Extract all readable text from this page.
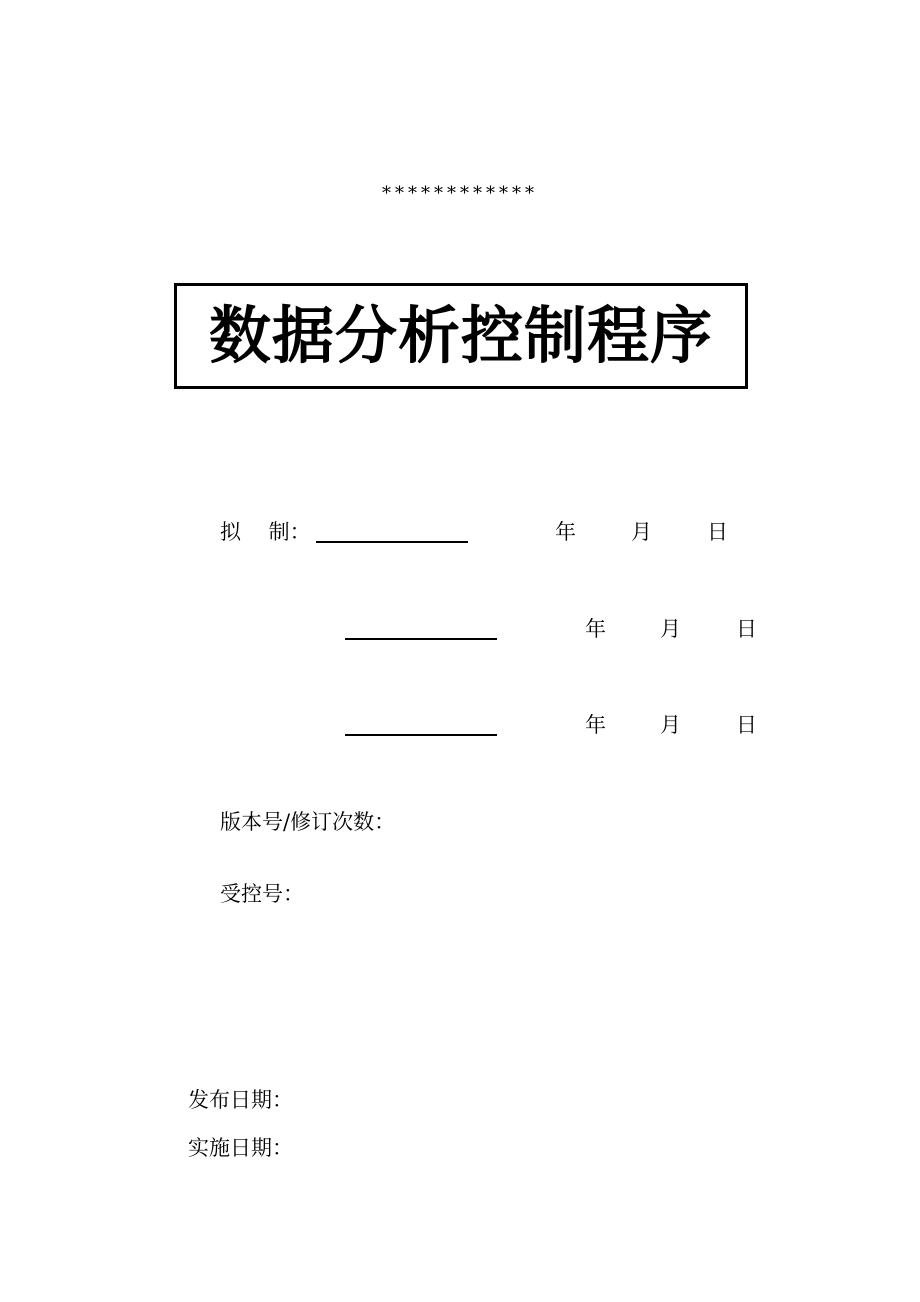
************
数据分析控制程序
拟　 制：	年	月	日
年	月	日
年	月	日
版本号/修订次数：
受控号：
发布日期：
实施日期：
